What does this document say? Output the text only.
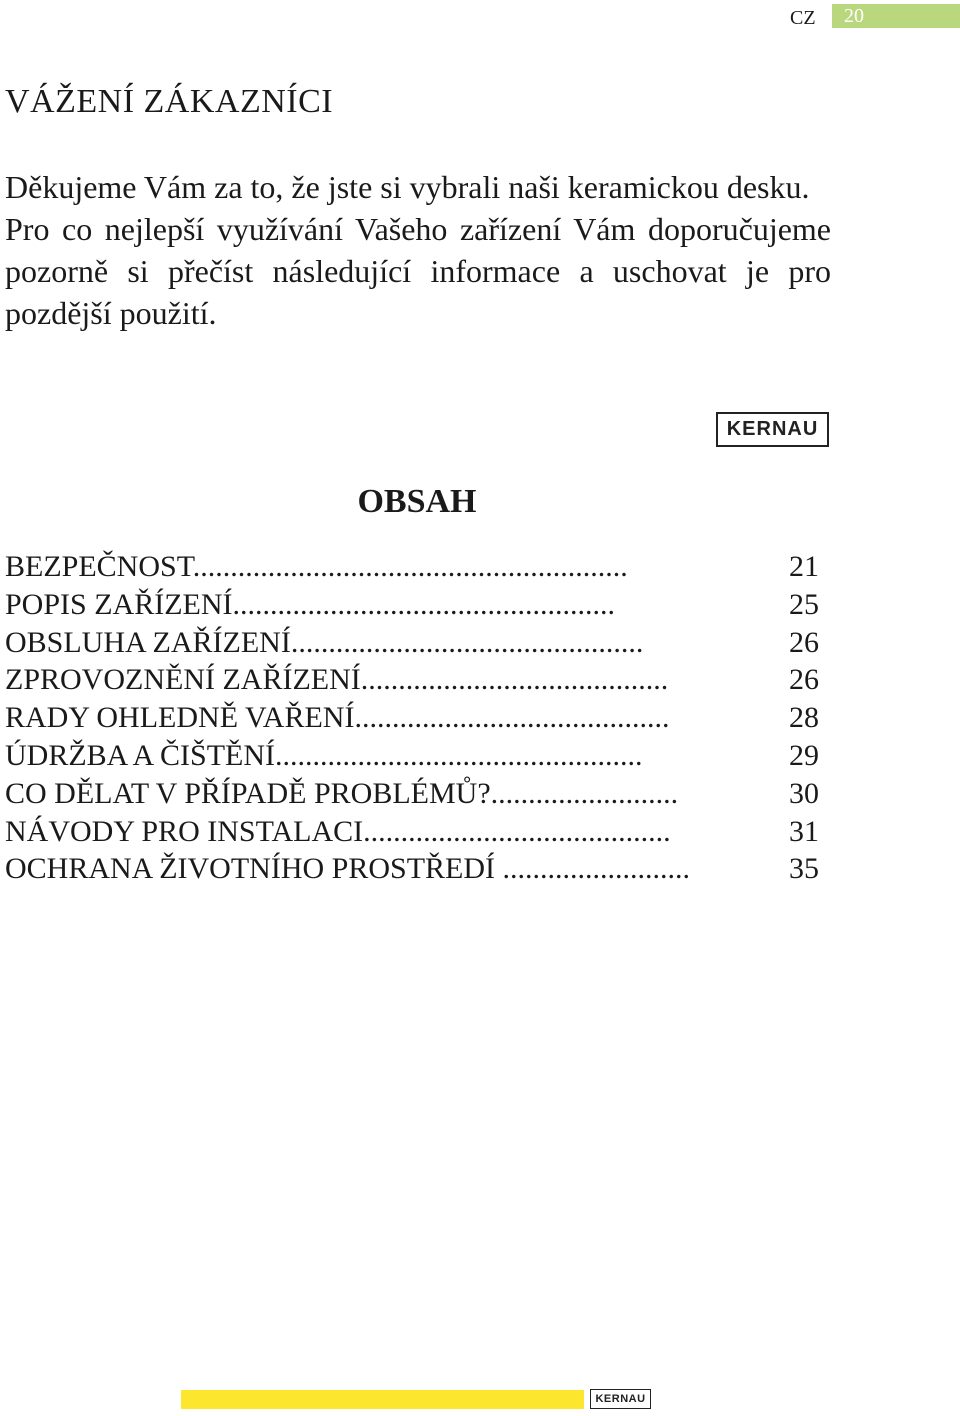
CZ	20
VÁŽENÍ ZÁKAZNÍCI

Děkujeme Vám za to, že jste si vybrali naši keramickou desku.

Pro co nejlepší využívání Vašeho zařízení Vám doporučujeme pozorně si přečíst následující informace a uschovat je pro pozdější použití.

KERNAU
OBSAH
BEZPEČNOST..........................................................	21
POPIS ZAŘÍZENÍ...................................................	25
OBSLUHA ZAŘÍZENÍ...............................................	26
ZPROVOZNĚNÍ ZAŘÍZENÍ.........................................	26
RADY OHLEDNĚ VAŘENÍ..........................................	28
ÚDRŽBA A ČIŠTĚNÍ.................................................	29
CO DĚLAT V PŘÍPADĚ PROBLÉMŮ?.........................	30
NÁVODY PRO INSTALACI.........................................	31
OCHRANA ŽIVOTNÍHO PROSTŘEDÍ .........................	35
KERNAU
